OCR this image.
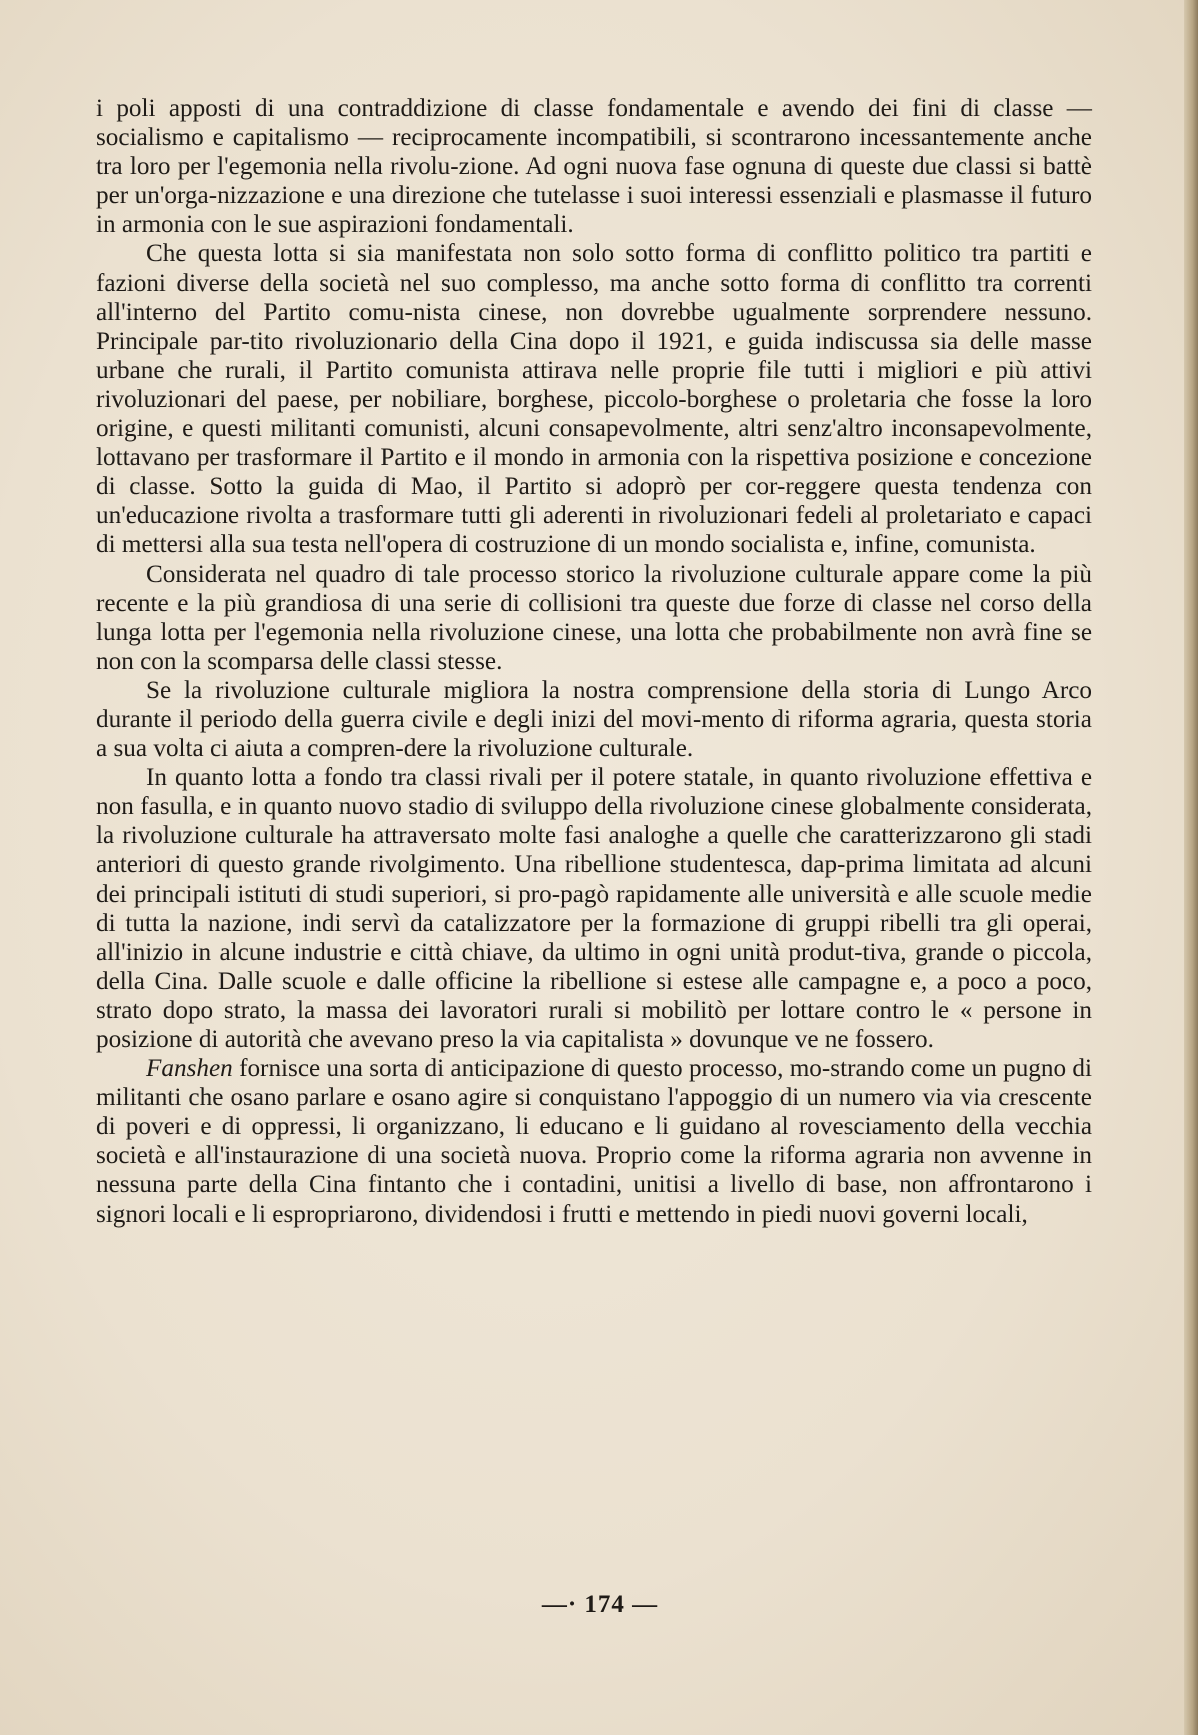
i poli apposti di una contraddizione di classe fondamentale e avendo dei fini di classe — socialismo e capitalismo — reciprocamente incompatibili, si scontrarono incessantemente anche tra loro per l'egemonia nella rivolu-zione. Ad ogni nuova fase ognuna di queste due classi si battè per un'orga-nizzazione e una direzione che tutelasse i suoi interessi essenziali e plasmasse il futuro in armonia con le sue aspirazioni fondamentali.

Che questa lotta si sia manifestata non solo sotto forma di conflitto politico tra partiti e fazioni diverse della società nel suo complesso, ma anche sotto forma di conflitto tra correnti all'interno del Partito comu-nista cinese, non dovrebbe ugualmente sorprendere nessuno. Principale par-tito rivoluzionario della Cina dopo il 1921, e guida indiscussa sia delle masse urbane che rurali, il Partito comunista attirava nelle proprie file tutti i migliori e più attivi rivoluzionari del paese, per nobiliare, borghese, piccolo-borghese o proletaria che fosse la loro origine, e questi militanti comunisti, alcuni consapevolmente, altri senz'altro inconsapevolmente, lottavano per trasformare il Partito e il mondo in armonia con la rispettiva posizione e concezione di classe. Sotto la guida di Mao, il Partito si adoprò per cor-reggere questa tendenza con un'educazione rivolta a trasformare tutti gli aderenti in rivoluzionari fedeli al proletariato e capaci di mettersi alla sua testa nell'opera di costruzione di un mondo socialista e, infine, comunista.

Considerata nel quadro di tale processo storico la rivoluzione culturale appare come la più recente e la più grandiosa di una serie di collisioni tra queste due forze di classe nel corso della lunga lotta per l'egemonia nella rivoluzione cinese, una lotta che probabilmente non avrà fine se non con la scomparsa delle classi stesse.

Se la rivoluzione culturale migliora la nostra comprensione della storia di Lungo Arco durante il periodo della guerra civile e degli inizi del movi-mento di riforma agraria, questa storia a sua volta ci aiuta a compren-dere la rivoluzione culturale.

In quanto lotta a fondo tra classi rivali per il potere statale, in quanto rivoluzione effettiva e non fasulla, e in quanto nuovo stadio di sviluppo della rivoluzione cinese globalmente considerata, la rivoluzione culturale ha attraversato molte fasi analoghe a quelle che caratterizzarono gli stadi anteriori di questo grande rivolgimento. Una ribellione studentesca, dap-prima limitata ad alcuni dei principali istituti di studi superiori, si pro-pagò rapidamente alle università e alle scuole medie di tutta la nazione, indi servì da catalizzatore per la formazione di gruppi ribelli tra gli operai, all'inizio in alcune industrie e città chiave, da ultimo in ogni unità produt-tiva, grande o piccola, della Cina. Dalle scuole e dalle officine la ribellione si estese alle campagne e, a poco a poco, strato dopo strato, la massa dei lavoratori rurali si mobilitò per lottare contro le « persone in posizione di autorità che avevano preso la via capitalista » dovunque ve ne fossero.

Fanshen fornisce una sorta di anticipazione di questo processo, mo-strando come un pugno di militanti che osano parlare e osano agire si conquistano l'appoggio di un numero via via crescente di poveri e di oppressi, li organizzano, li educano e li guidano al rovesciamento della vecchia società e all'instaurazione di una società nuova. Proprio come la riforma agraria non avvenne in nessuna parte della Cina fintanto che i contadini, unitisi a livello di base, non affrontarono i signori locali e li espropriarono, dividendosi i frutti e mettendo in piedi nuovi governi locali,

—· 174 —
